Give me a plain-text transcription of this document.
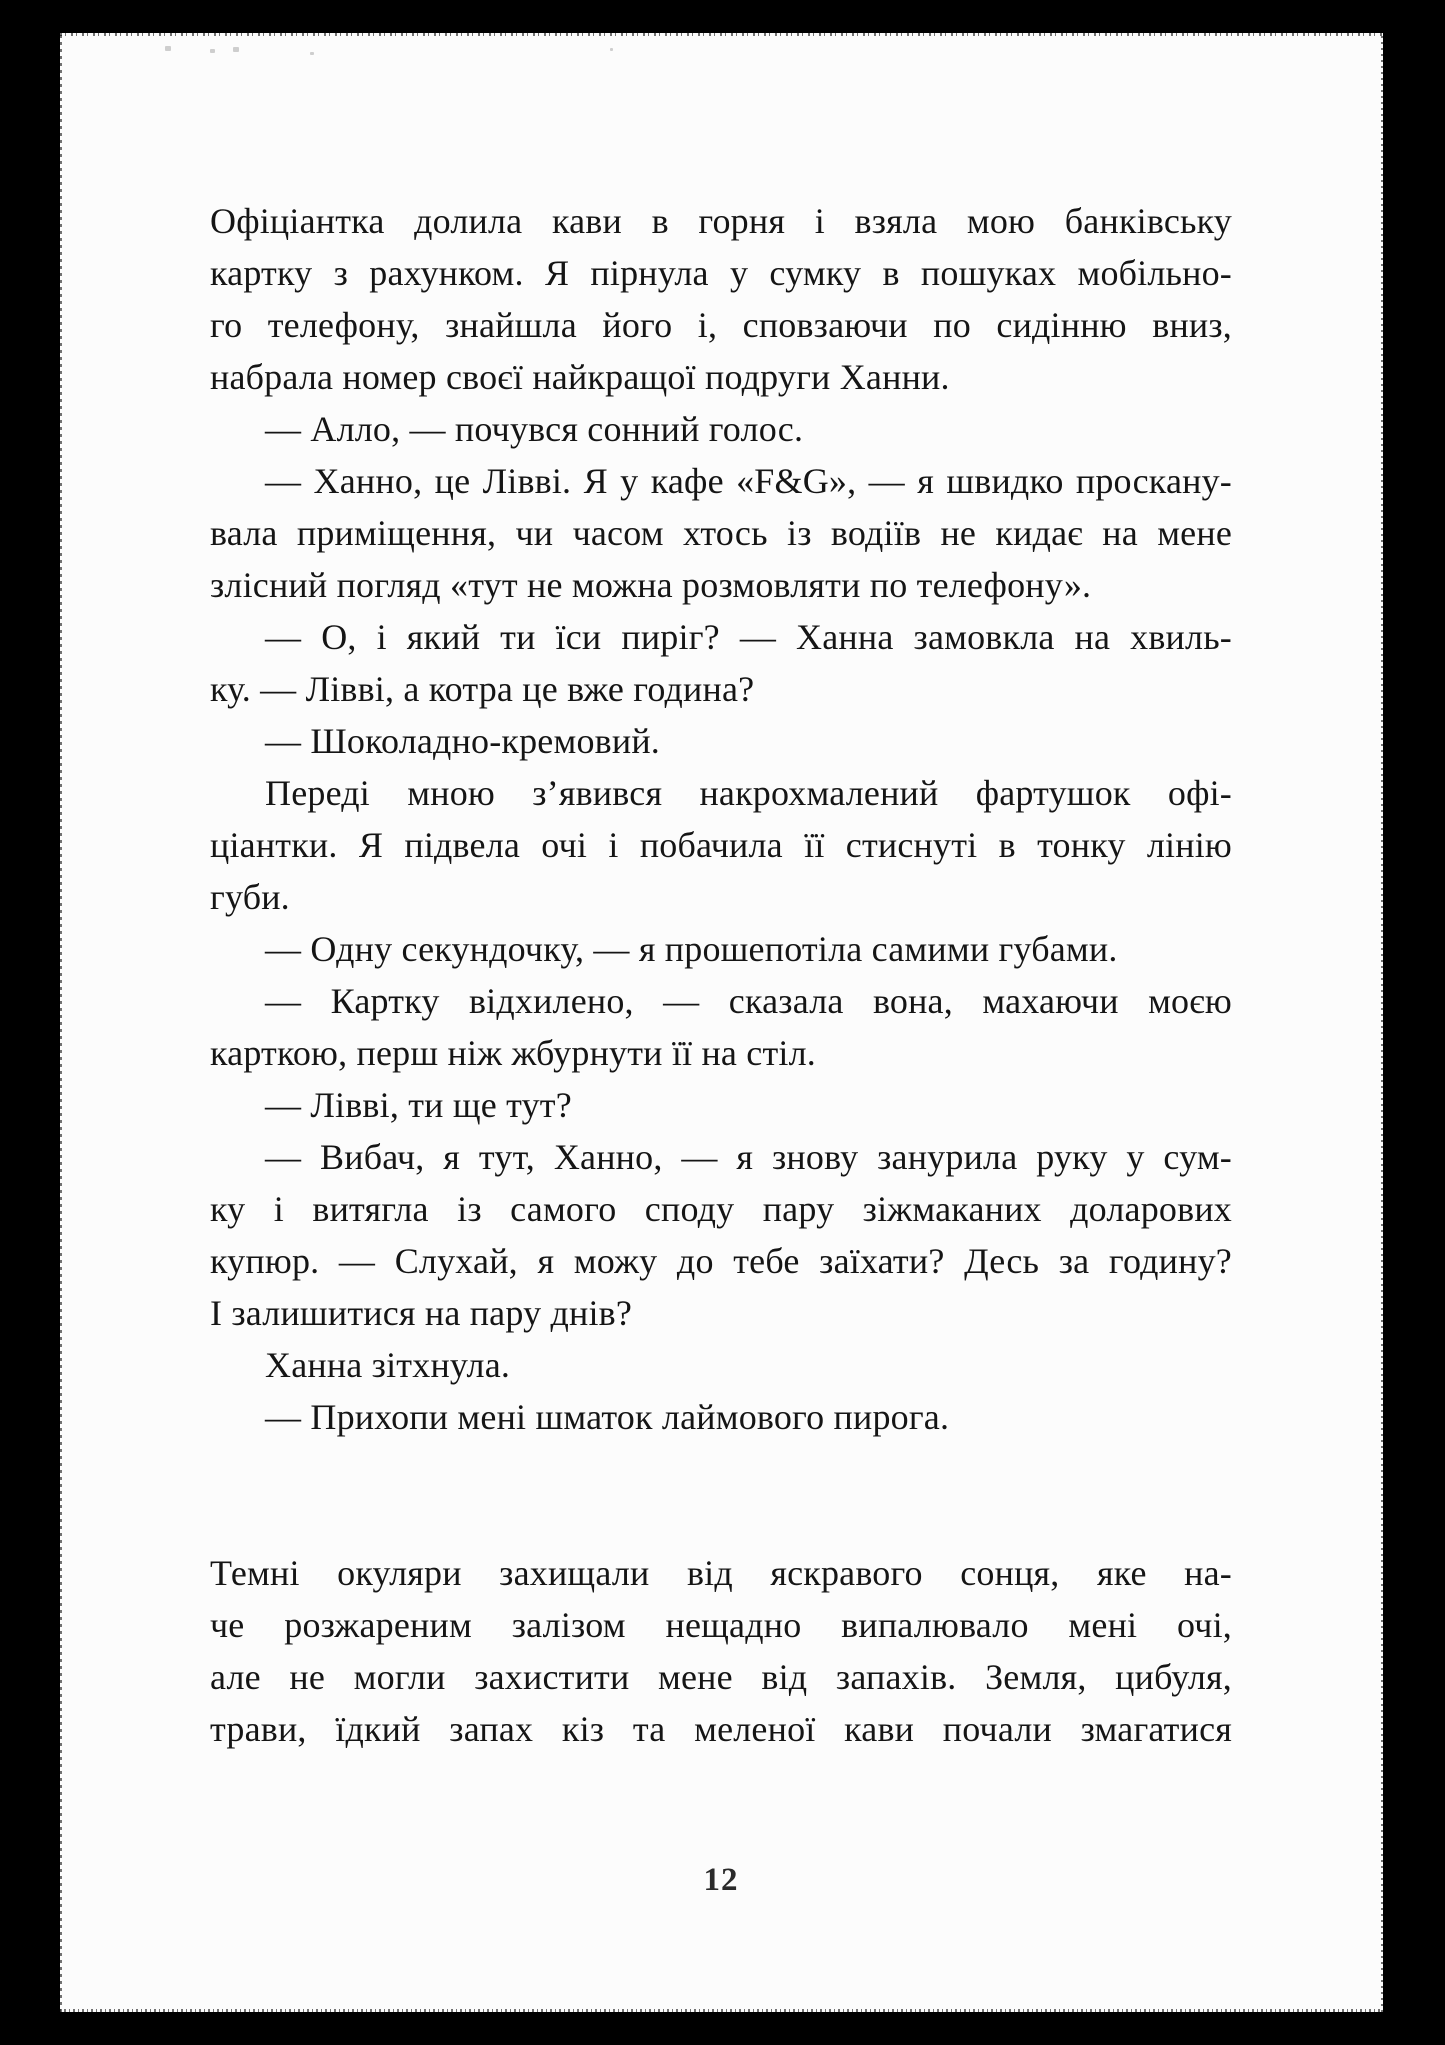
Офіціантка долила кави в горня і взяла мою банківську
картку з рахунком. Я пірнула у сумку в пошуках мобільно-
го телефону, знайшла його і, сповзаючи по сидінню вниз,
набрала номер своєї найкращої подруги Ханни.
— Алло, — почувся сонний голос.
— Ханно, це Лівві. Я у кафе «F&G», — я швидко проскану-
вала приміщення, чи часом хтось із водіїв не кидає на мене
злісний погляд «тут не можна розмовляти по телефону».
— О, і який ти їси пиріг? — Ханна замовкла на хвиль-
ку. — Лівві, а котра це вже година?
— Шоколадно-кремовий.
Переді мною з’явився накрохмалений фартушок офі-
ціантки. Я підвела очі і побачила її стиснуті в тонку лінію
губи.
— Одну секундочку, — я прошепотіла самими губами.
— Картку відхилено, — сказала вона, махаючи моєю
карткою, перш ніж жбурнути її на стіл.
— Лівві, ти ще тут?
— Вибач, я тут, Ханно, — я знову занурила руку у сум-
ку і витягла із самого споду пару зіжмаканих доларових
купюр. — Слухай, я можу до тебе заїхати? Десь за годину?
І залишитися на пару днів?
Ханна зітхнула.
— Прихопи мені шматок лаймового пирога.
Темні окуляри захищали від яскравого сонця, яке на-
че розжареним залізом нещадно випалювало мені очі,
але не могли захистити мене від запахів. Земля, цибуля,
трави, їдкий запах кіз та меленої кави почали змагатися
12
